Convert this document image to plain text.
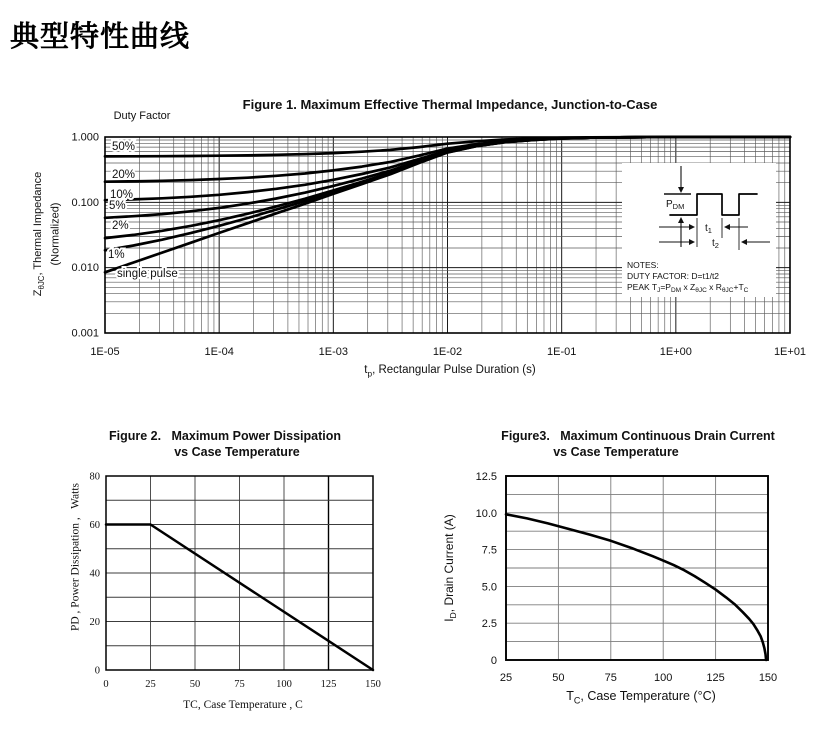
典型特性曲线
Figure 1. Maximum Effective Thermal Impedance, Junction-to-Case
Duty Factor
$Z_{\theta JC}$, Thermal Impedance (Normalized)
$t_p$, Rectangular Pulse Duration (s)
50%
20%
10%
5%
2%
1%
single pulse
1E-05	1E-04	1E-03	1E-02	1E-01	1E+00	1E+01
1.000
0.100
0.010
0.001
$P_{DM}$
$t_1$
$t_2$
NOTES:
DUTY FACTOR: D=t1/t2
PEAK $T_J=P_{DM}$ x $Z_{\theta JC}$ x $R_{\theta JC}+T_C$
Figure 2.   Maximum Power Dissipation
vs Case Temperature
PD , Power Dissipation ,   Watts
TC, Case Temperature , C
0	25	50	75	100	125	150
0
20
40
60
80
Figure3.   Maximum Continuous Drain Current
vs Case Temperature
$I_D$, Drain Current (A)
$T_C$, Case Temperature (°C)
25	50	75	100	125	150
12.5
10.0
7.5
5.0
2.5
0
